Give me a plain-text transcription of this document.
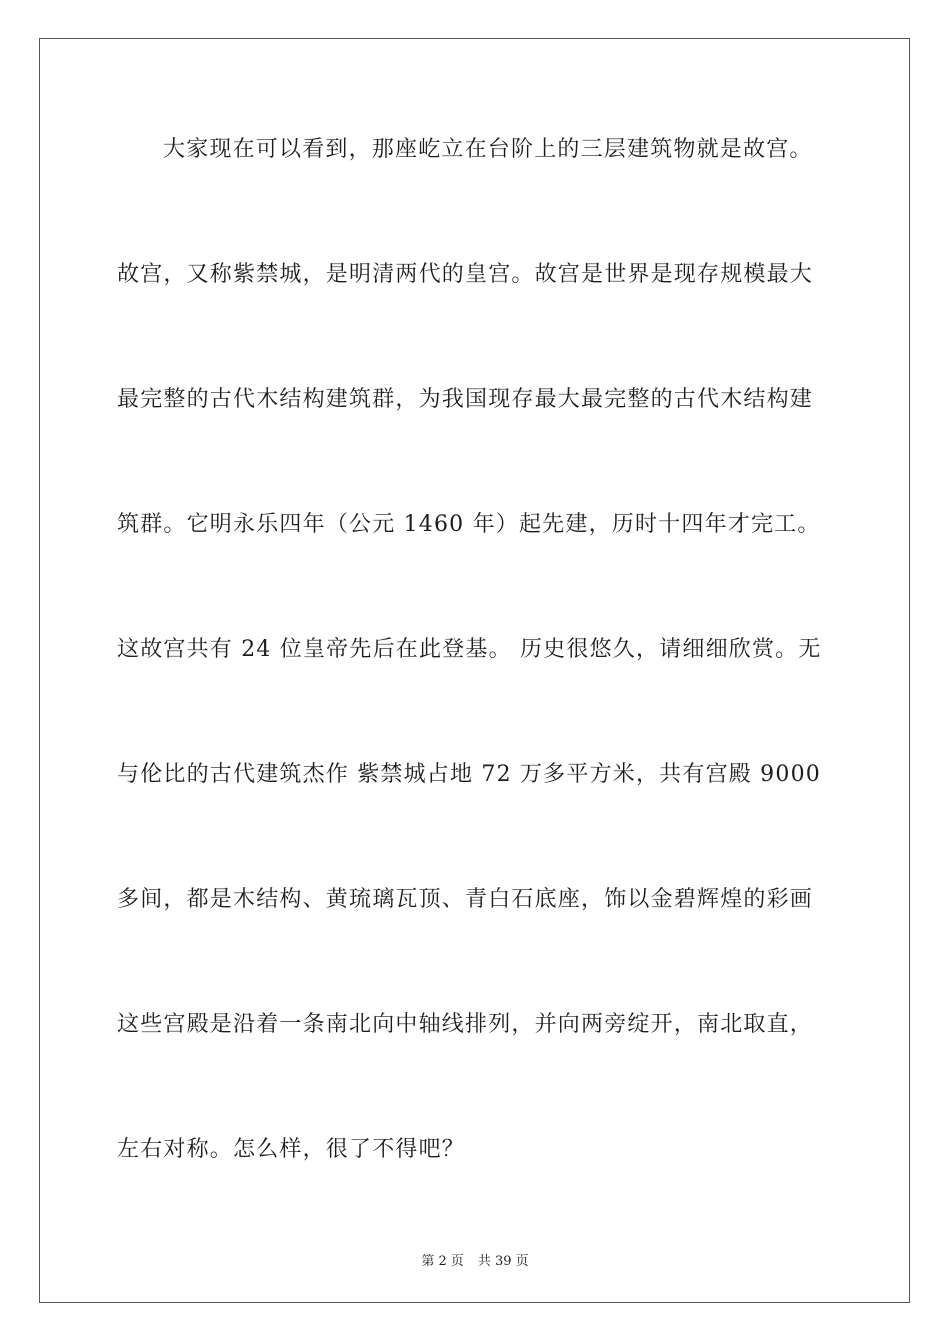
大家现在可以看到，那座屹立在台阶上的三层建筑物就是故宫。
故宫，又称紫禁城，是明清两代的皇宫。故宫是世界是现存规模最大
最完整的古代木结构建筑群，为我国现存最大最完整的古代木结构建
筑群。它明永乐四年（公元 1460 年）起先建，历时十四年才完工。
这故宫共有 24 位皇帝先后在此登基。 历史很悠久，请细细欣赏。无
与伦比的古代建筑杰作 紫禁城占地 72 万多平方米，共有宫殿 9000
多间，都是木结构、黄琉璃瓦顶、青白石底座，饰以金碧辉煌的彩画
这些宫殿是沿着一条南北向中轴线排列，并向两旁绽开，南北取直，
左右对称。怎么样，很了不得吧？
第 2 页 共 39 页
